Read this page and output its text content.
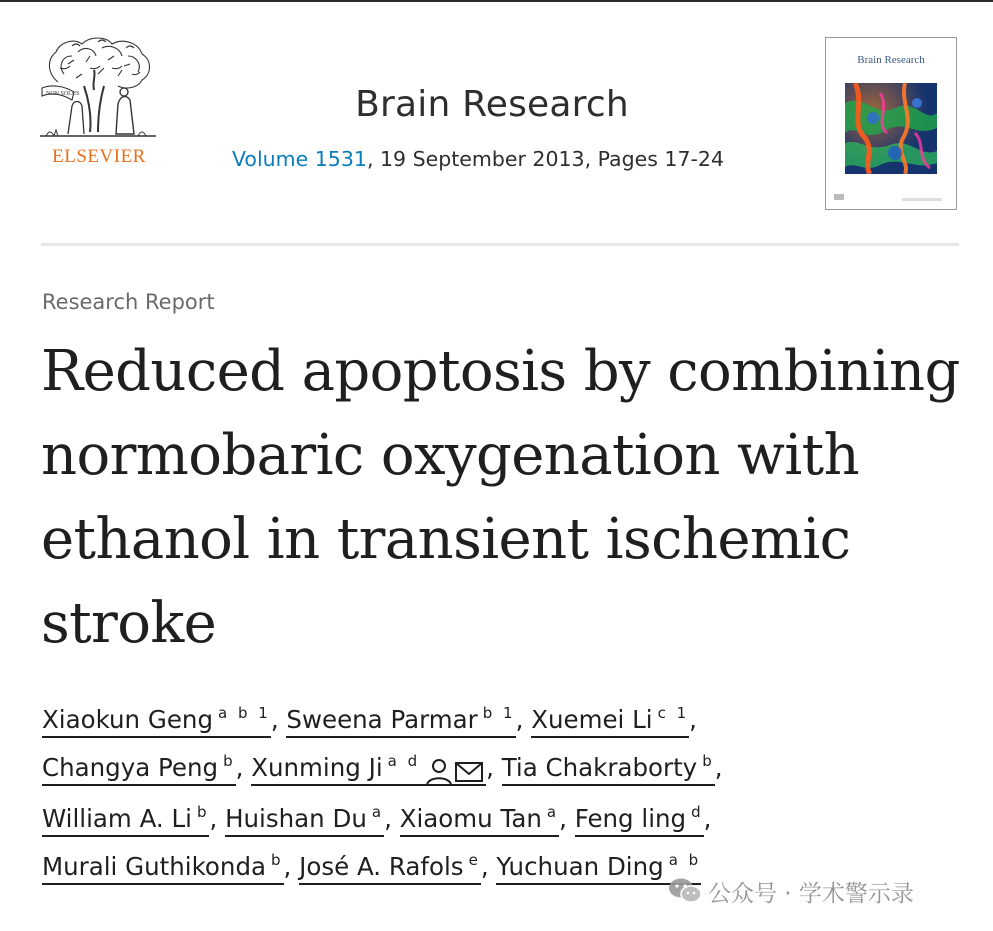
NON SOLUS
ELSEVIER
Brain Research
Volume 1531, 19 September 2013, Pages 17-24
Brain Research
Research Report
Reduced apoptosis by combining normobaric oxygenation with ethanol in transient ischemic stroke
Xiaokun Geng $^{a b 1}$, Sweena Parmar $^{b 1}$, Xuemei Li $^{c 1}$,
Changya Peng $^b$, Xunming Ji $^{a d}$	, Tia Chakraborty $^b$,
William A. Li $^b$, Huishan Du $^a$, Xiaomu Tan $^a$, Feng ling $^d$,
Murali Guthikonda $^b$, José A. Rafols $^e$, Yuchuan Ding $^{a b}$
公众号 · 学术警示录
